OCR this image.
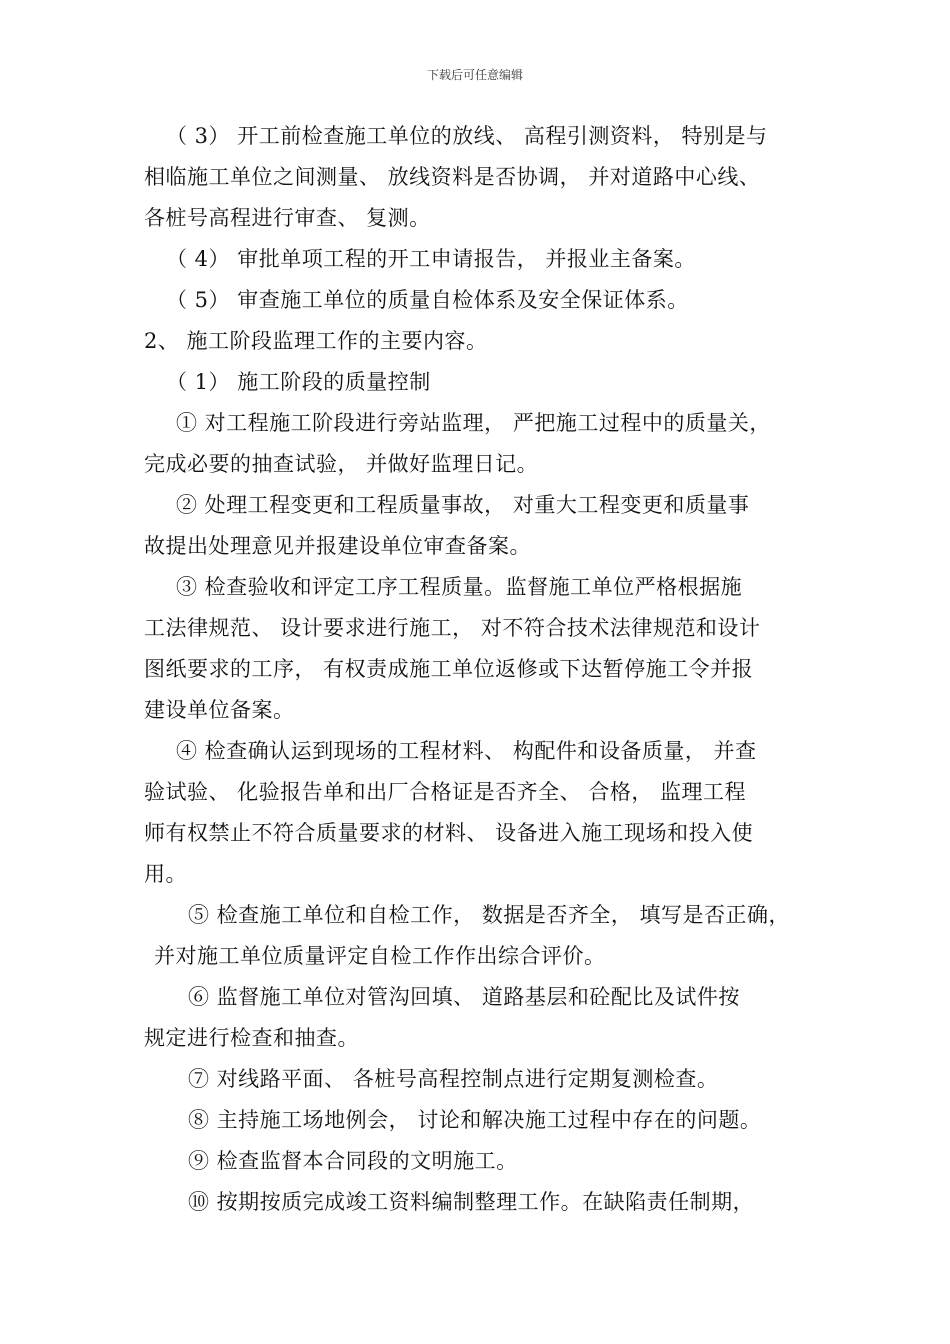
下载后可任意编辑
（ 3） 开工前检查施工单位的放线、 高程引测资料， 特别是与
相临施工单位之间测量、 放线资料是否协调， 并对道路中心线、
各桩号高程进行审查、 复测。
（ 4） 审批单项工程的开工申请报告， 并报业主备案。
（ 5） 审查施工单位的质量自检体系及安全保证体系。
2、 施工阶段监理工作的主要内容。
（ 1） 施工阶段的质量控制
① 对工程施工阶段进行旁站监理， 严把施工过程中的质量关，
完成必要的抽查试验， 并做好监理日记。
② 处理工程变更和工程质量事故， 对重大工程变更和质量事
故提出处理意见并报建设单位审查备案。
③ 检查验收和评定工序工程质量。监督施工单位严格根据施
工法律规范、 设计要求进行施工， 对不符合技术法律规范和设计
图纸要求的工序， 有权责成施工单位返修或下达暂停施工令并报
建设单位备案。
④ 检查确认运到现场的工程材料、 构配件和设备质量， 并查
验试验、 化验报告单和出厂合格证是否齐全、 合格， 监理工程
师有权禁止不符合质量要求的材料、 设备进入施工现场和投入使
用。
⑤ 检查施工单位和自检工作， 数据是否齐全， 填写是否正确，
并对施工单位质量评定自检工作作出综合评价。
⑥ 监督施工单位对管沟回填、 道路基层和砼配比及试件按
规定进行检查和抽查。
⑦ 对线路平面、 各桩号高程控制点进行定期复测检查。
⑧ 主持施工场地例会， 讨论和解决施工过程中存在的问题。
⑨ 检查监督本合同段的文明施工。
⑩ 按期按质完成竣工资料编制整理工作。在缺陷责任制期，
